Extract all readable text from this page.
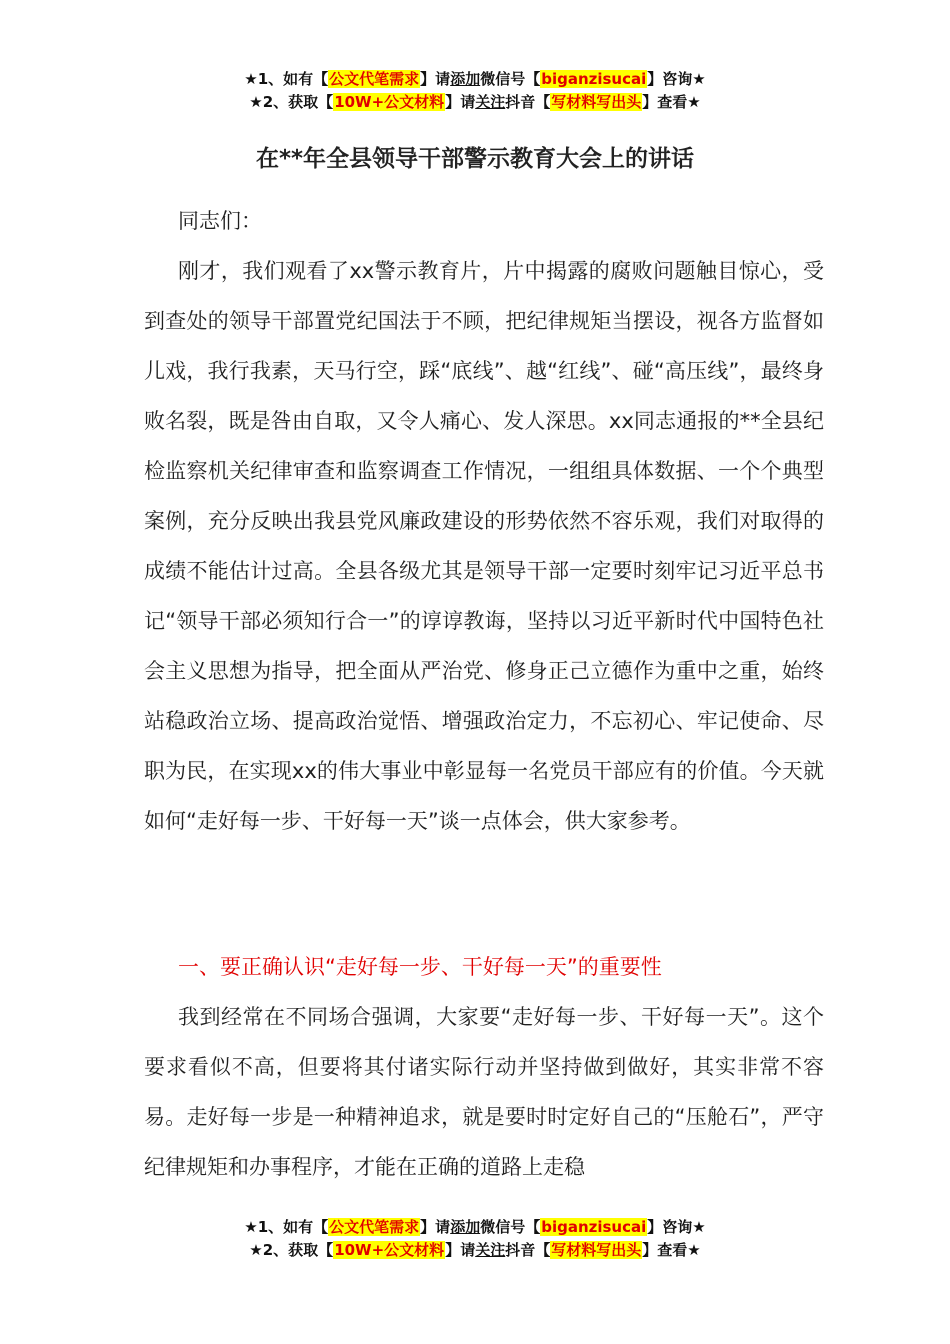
★1、如有【公文代笔需求】请添加微信号【biganzisucai】咨询★
★2、获取【10W+公文材料】请关注抖音【写材料写出头】查看★
在**年全县领导干部警示教育大会上的讲话
同志们：

刚才，我们观看了xx警示教育片，片中揭露的腐败问题触目惊心，受到查处的领导干部置党纪国法于不顾，把纪律规矩当摆设，视各方监督如儿戏，我行我素，天马行空，踩“底线”、越“红线”、碰“高压线”，最终身败名裂，既是咎由自取，又令人痛心、发人深思。xx同志通报的**全县纪检监察机关纪律审查和监察调查工作情况，一组组具体数据、一个个典型案例，充分反映出我县党风廉政建设的形势依然不容乐观，我们对取得的成绩不能估计过高。全县各级尤其是领导干部一定要时刻牢记习近平总书记“领导干部必须知行合一”的谆谆教诲，坚持以习近平新时代中国特色社会主义思想为指导，把全面从严治党、修身正己立德作为重中之重，始终站稳政治立场、提高政治觉悟、增强政治定力，不忘初心、牢记使命、尽职为民，在实现xx的伟大事业中彰显每一名党员干部应有的价值。今天就如何“走好每一步、干好每一天”谈一点体会，供大家参考。

一、要正确认识“走好每一步、干好每一天”的重要性

我到经常在不同场合强调，大家要“走好每一步、干好每一天”。这个要求看似不高，但要将其付诸实际行动并坚持做到做好，其实非常不容易。走好每一步是一种精神追求，就是要时时定好自己的“压舱石”，严守纪律规矩和办事程序，才能在正确的道路上走稳

★1、如有【公文代笔需求】请添加微信号【biganzisucai】咨询★
★2、获取【10W+公文材料】请关注抖音【写材料写出头】查看★
